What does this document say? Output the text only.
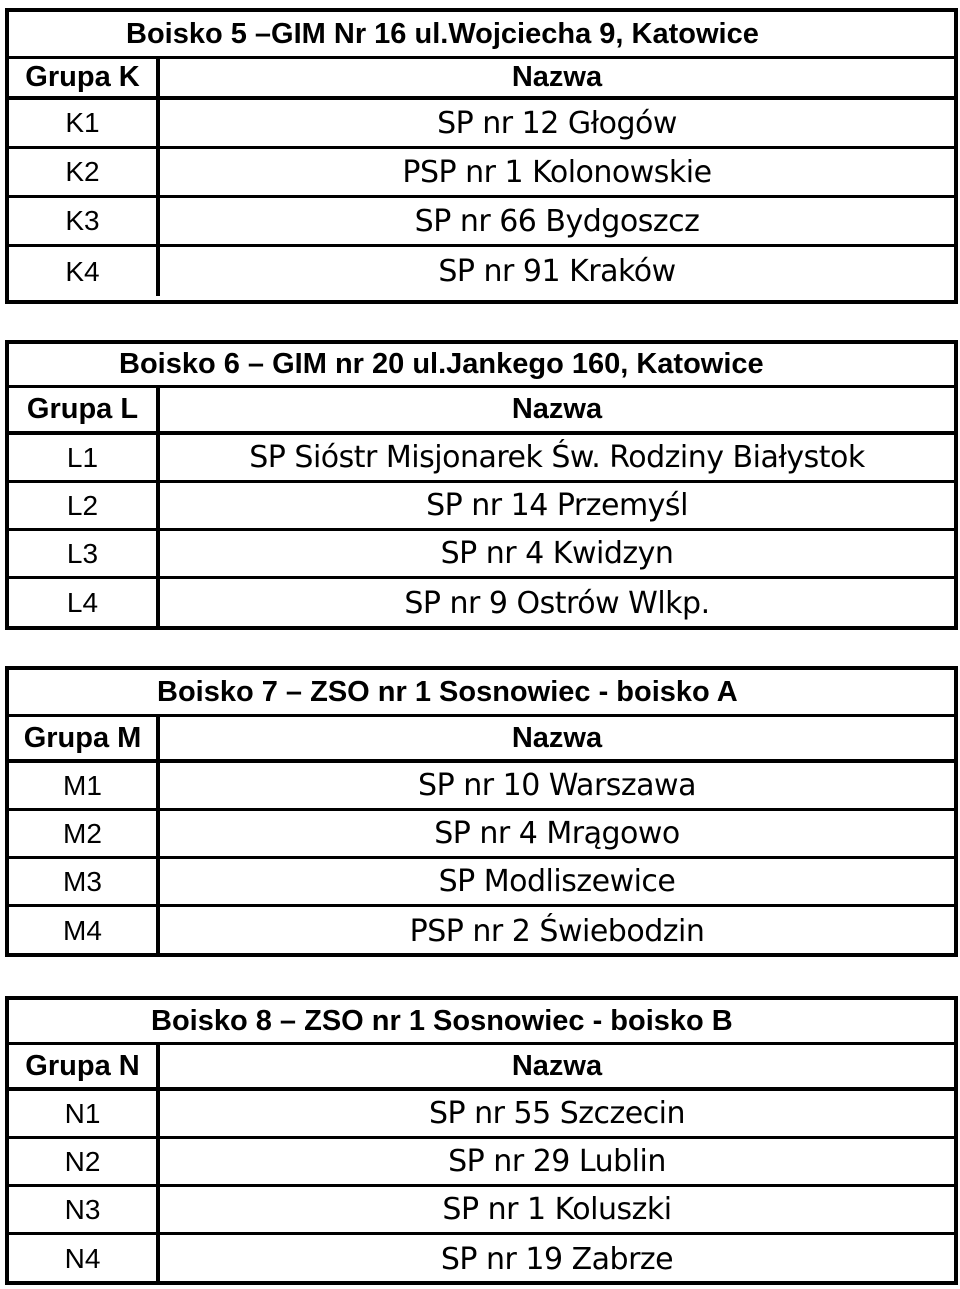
Boisko 5 –GIM Nr 16 ul.Wojciecha 9, Katowice
Grupa K	Nazwa
K1	SP nr 12 Głogów
K2	PSP nr 1 Kolonowskie
K3	SP nr 66 Bydgoszcz
K4	SP nr 91 Kraków
Boisko 6 – GIM nr 20 ul.Jankego 160, Katowice
Grupa L	Nazwa
L1	SP Sióstr Misjonarek Św. Rodziny Białystok
L2	SP nr 14 Przemyśl
L3	SP nr 4 Kwidzyn
L4	SP nr 9 Ostrów Wlkp.
Boisko 7 – ZSO nr 1 Sosnowiec - boisko A
Grupa M	Nazwa
M1	SP nr 10 Warszawa
M2	SP nr 4 Mrągowo
M3	SP Modliszewice
M4	PSP nr 2 Świebodzin
Boisko 8 – ZSO nr 1 Sosnowiec - boisko B
Grupa N	Nazwa
N1	SP nr 55 Szczecin
N2	SP nr 29 Lublin
N3	SP nr 1 Koluszki
N4	SP nr 19 Zabrze
